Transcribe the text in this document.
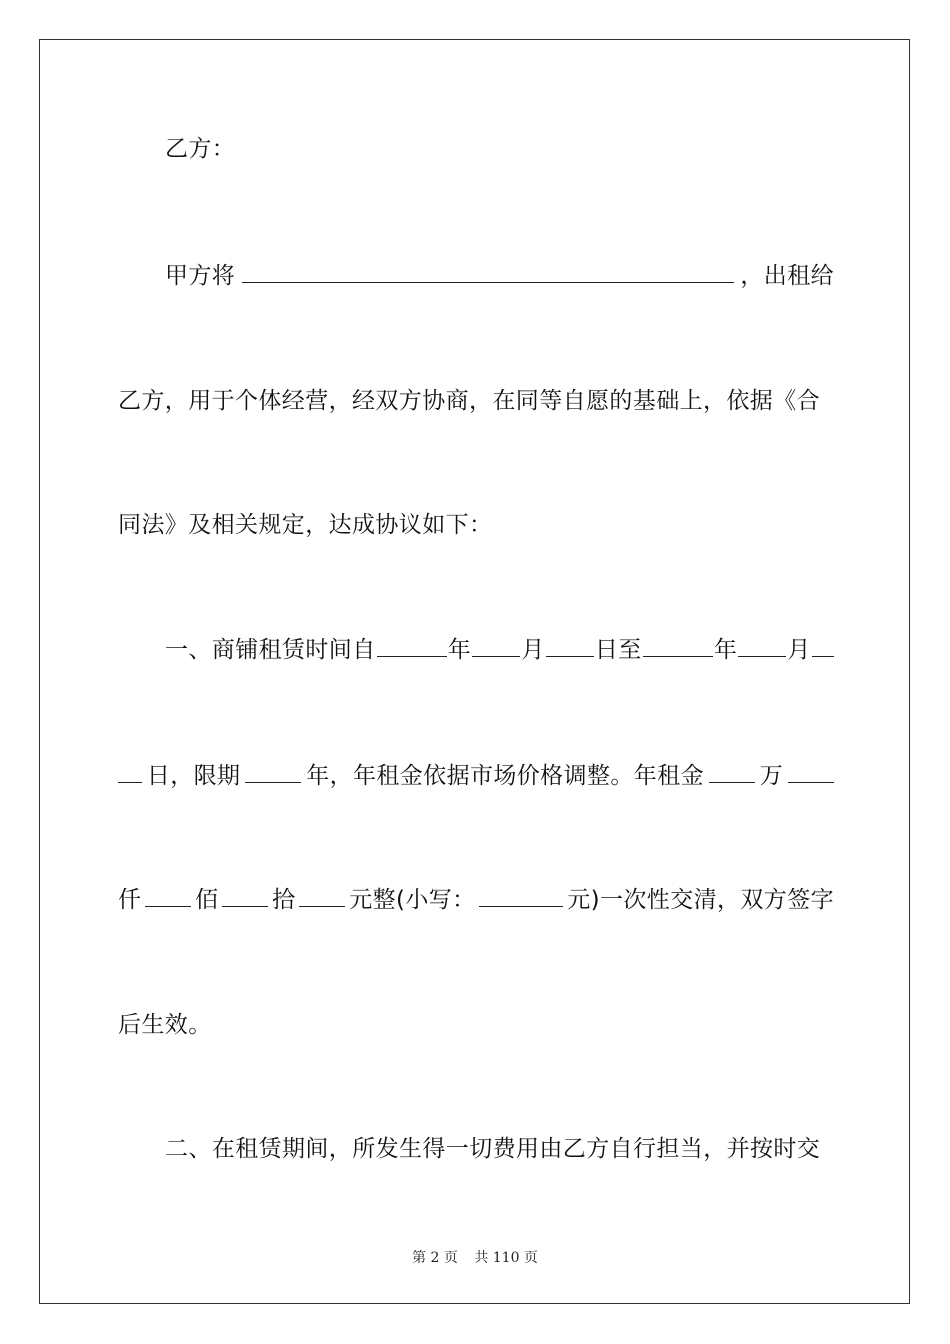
乙方：
甲方将	，出租给
乙方，用于个体经营，经双方协商，在同等自愿的基础上，依据《合
同法》及相关规定，达成协议如下：
一、商铺租赁时间自	年 月 日至	年 月
日，限期	年，年租金依据市场价格调整。年租金 万
仟 佰 拾 元整(小写：	元)一次性交清，双方签字
后生效。
二、在租赁期间，所发生得一切费用由乙方自行担当，并按时交
第 2 页 共 110 页
